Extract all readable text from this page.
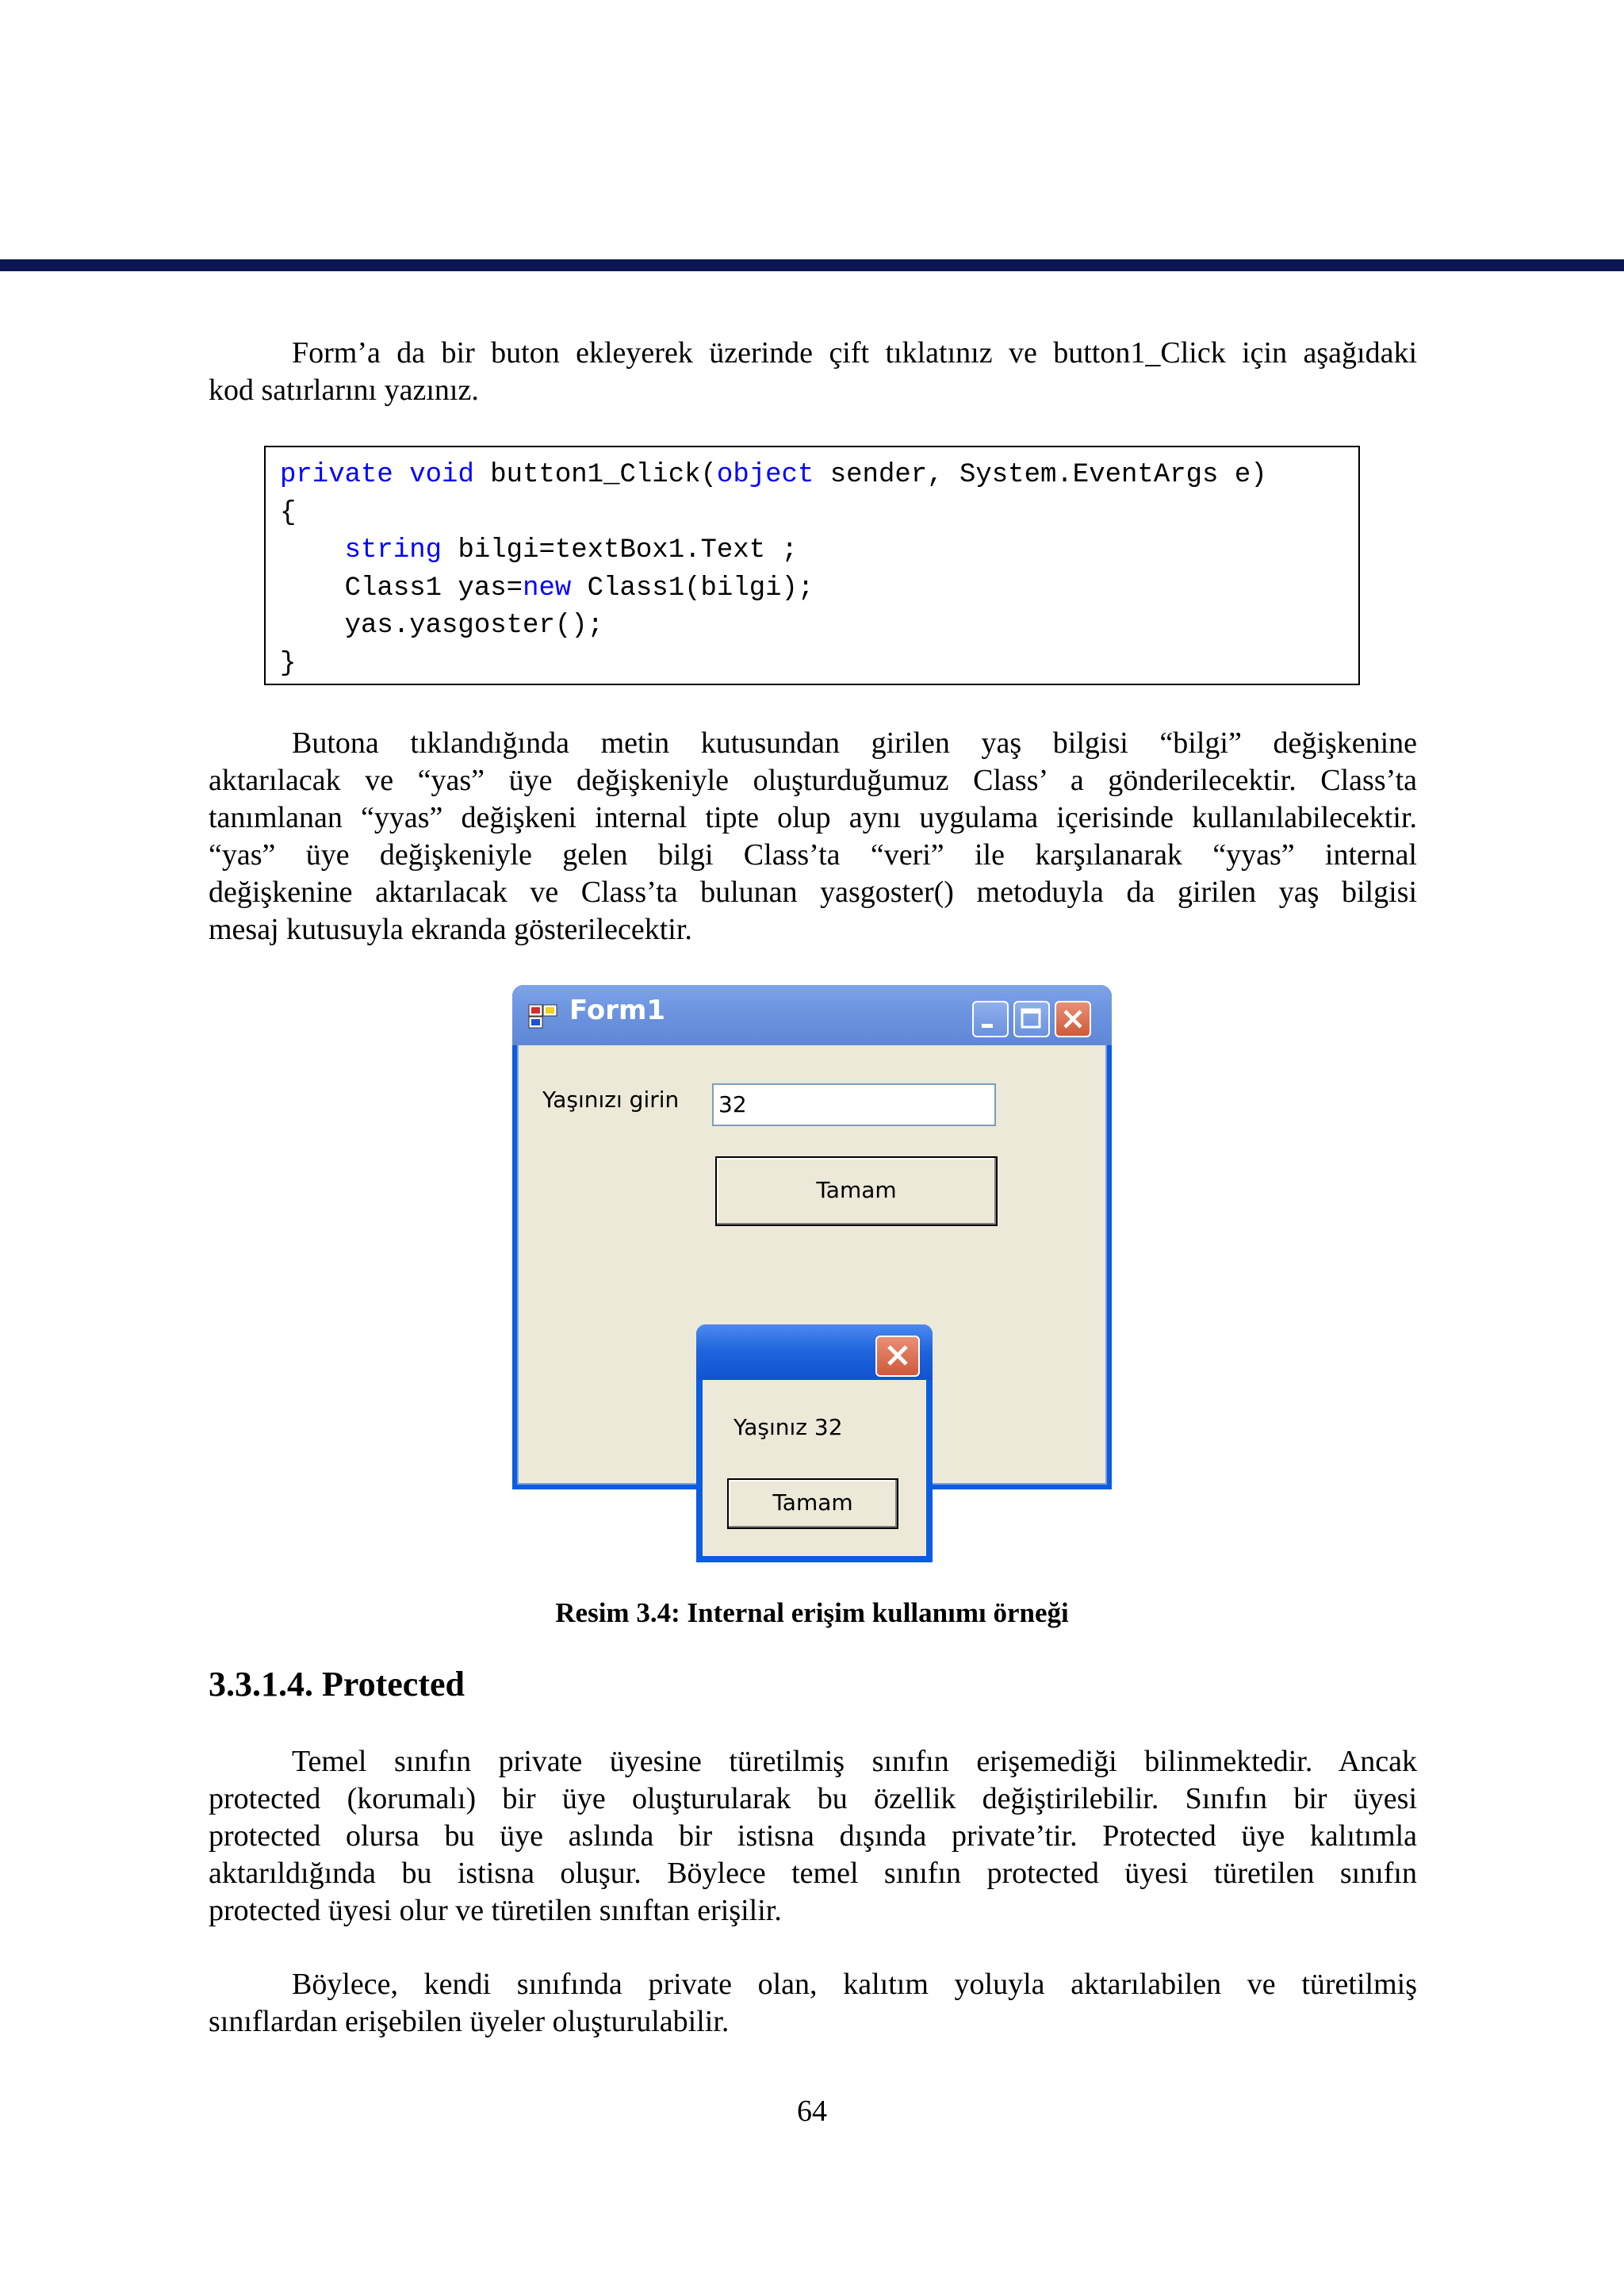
Form’a da bir buton ekleyerek üzerinde çift tıklatınız ve button1_Click için aşağıdaki
kod satırlarını yazınız.
private void button1_Click(object sender, System.EventArgs e)
{
string bilgi=textBox1.Text ;
Class1 yas=new Class1(bilgi);
yas.yasgoster();
}
Butona tıklandığında metin kutusundan girilen yaş bilgisi “bilgi” değişkenine
aktarılacak ve “yas” üye değişkeniyle oluşturduğumuz Class’ a gönderilecektir. Class’ta
tanımlanan “yyas” değişkeni internal tipte olup aynı uygulama içerisinde kullanılabilecektir.
“yas” üye değişkeniyle gelen bilgi Class’ta “veri” ile karşılanarak “yyas” internal
değişkenine aktarılacak ve Class’ta bulunan yasgoster() metoduyla da girilen yaş bilgisi
mesaj kutusuyla ekranda gösterilecektir.
Form1
Yaşınızı girin 32
Tamam
Yaşınız 32
Tamam
Resim 3.4: Internal erişim kullanımı örneği
3.3.1.4. Protected
Temel sınıfın private üyesine türetilmiş sınıfın erişemediği bilinmektedir. Ancak
protected (korumalı) bir üye oluşturularak bu özellik değiştirilebilir. Sınıfın bir üyesi
protected olursa bu üye aslında bir istisna dışında private’tir. Protected üye kalıtımla
aktarıldığında bu istisna oluşur. Böylece temel sınıfın protected üyesi türetilen sınıfın
protected üyesi olur ve türetilen sınıftan erişilir.
Böylece, kendi sınıfında private olan, kalıtım yoluyla aktarılabilen ve türetilmiş
sınıflardan erişebilen üyeler oluşturulabilir.
64
